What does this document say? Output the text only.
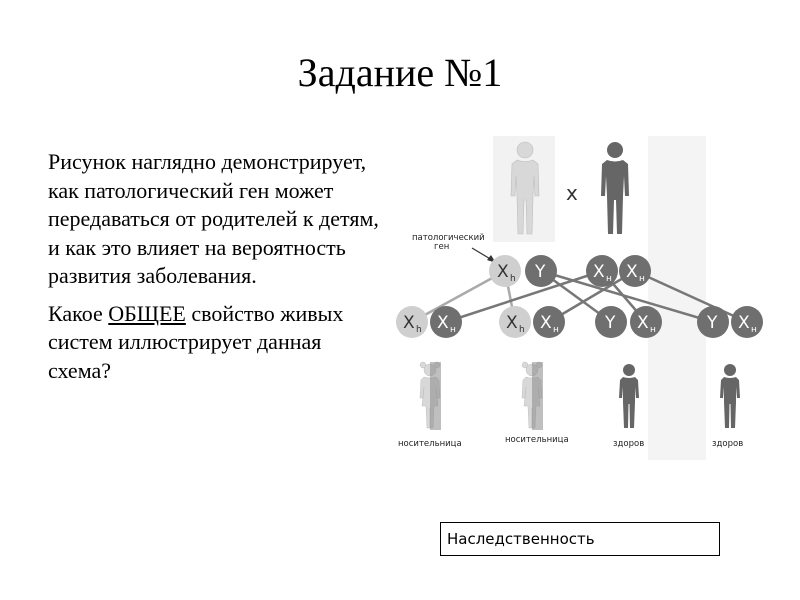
Задание №1

Рисунок наглядно демонстрирует, как патологический ген может передаваться от родителей к детям, и как это влияет на вероятность развития заболевания.

Какое ОБЩЕЕ свойство живых систем иллюстрирует данная схема?

х
патологический
ген
X h Y	X н X н
X h X н	X h X н	Y X н	Y X н
носительница	носительница	здоров	здоров
Наследственность
